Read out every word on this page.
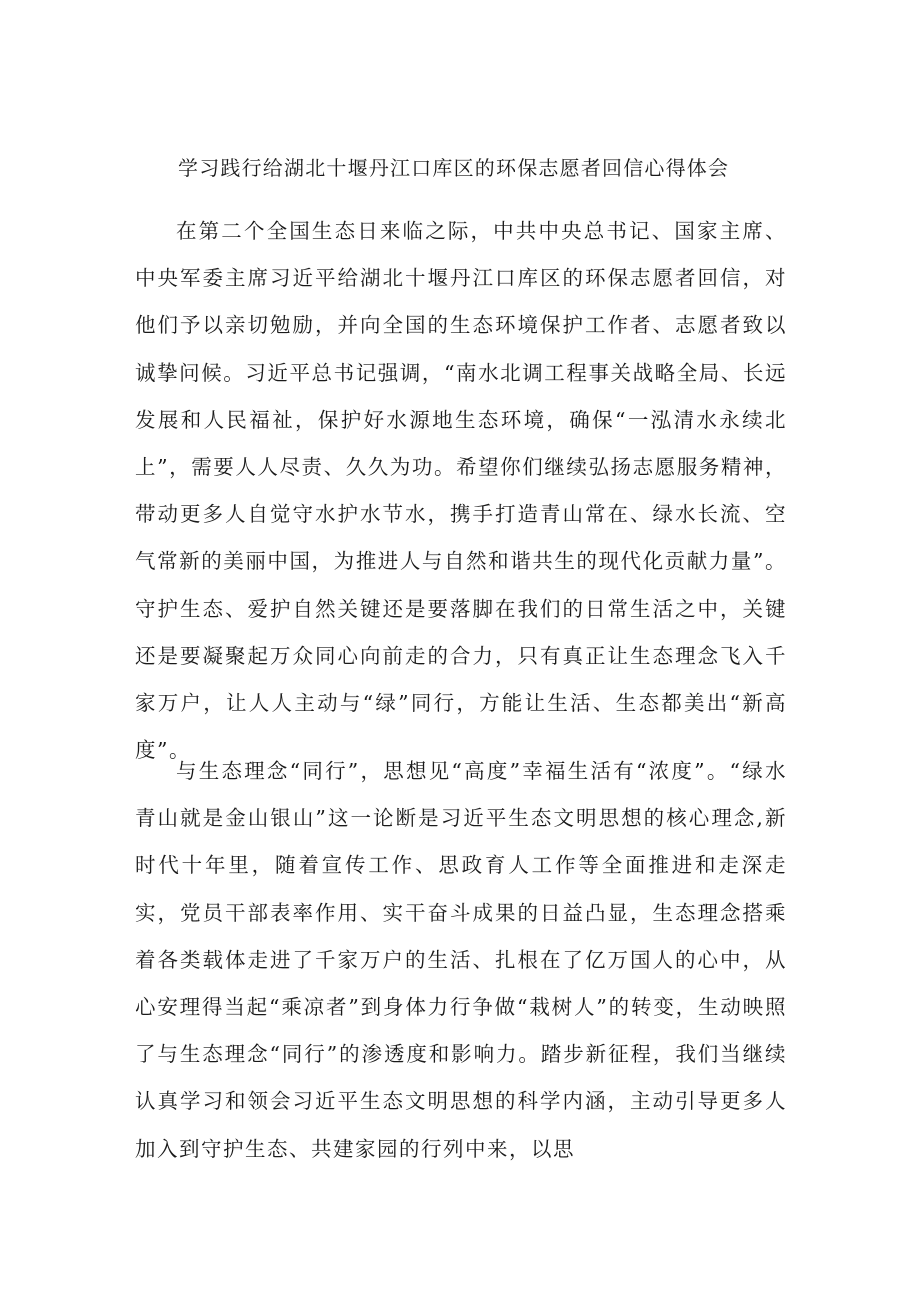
学习践行给湖北十堰丹江口库区的环保志愿者回信心得体会

在第二个全国生态日来临之际，中共中央总书记、国家主席、中央军委主席习近平给湖北十堰丹江口库区的环保志愿者回信，对他们予以亲切勉励，并向全国的生态环境保护工作者、志愿者致以诚挚问候。习近平总书记强调，“南水北调工程事关战略全局、长远发展和人民福祉，保护好水源地生态环境，确保“一泓清水永续北上”，需要人人尽责、久久为功。希望你们继续弘扬志愿服务精神，带动更多人自觉守水护水节水，携手打造青山常在、绿水长流、空气常新的美丽中国，为推进人与自然和谐共生的现代化贡献力量”。守护生态、爱护自然关键还是要落脚在我们的日常生活之中，关键还是要凝聚起万众同心向前走的合力，只有真正让生态理念飞入千家万户，让人人主动与“绿”同行，方能让生活、生态都美出“新高度”。

与生态理念“同行”，思想见“高度”幸福生活有“浓度”。“绿水青山就是金山银山”这一论断是习近平生态文明思想的核心理念,新时代十年里，随着宣传工作、思政育人工作等全面推进和走深走实，党员干部表率作用、实干奋斗成果的日益凸显，生态理念搭乘着各类载体走进了千家万户的生活、扎根在了亿万国人的心中，从心安理得当起“乘凉者”到身体力行争做“栽树人”的转变，生动映照了与生态理念“同行”的渗透度和影响力。踏步新征程，我们当继续认真学习和领会习近平生态文明思想的科学内涵，主动引导更多人加入到守护生态、共建家园的行列中来，以思
